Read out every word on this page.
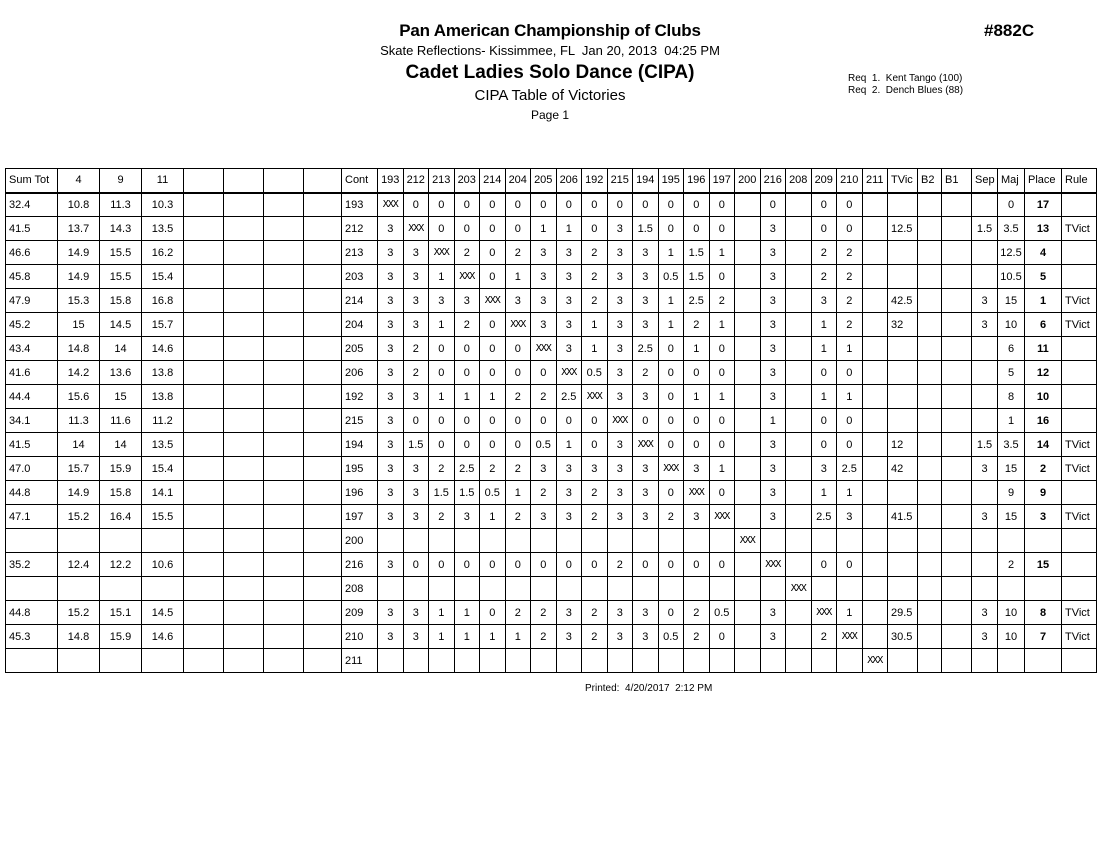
Pan American Championship of Clubs
Skate Reflections- Kissimmee, FL  Jan 20, 2013  04:25 PM
Cadet Ladies Solo Dance (CIPA)
CIPA Table of Victories
Page 1
#882C
Req  1.  Kent Tango (100)
Req  2.  Dench Blues (88)
Sum Tot	4	9	11					Cont	193	212	213	203	214	204	205	206	192	215	194	195	196	197	200	216	208	209	210	211	TVic	B2	B1	Sep	Maj	Place	Rule
32.4	10.8	11.3	10.3					193	XXX	0	0	0	0	0	0	0	0	0	0	0	0	0		0		0	0						0	17	
41.5	13.7	14.3	13.5					212	3	XXX	0	0	0	0	1	1	0	3	1.5	0	0	0		3		0	0		12.5			1.5	3.5	13	TVict
46.6	14.9	15.5	16.2					213	3	3	XXX	2	0	2	3	3	2	3	3	1	1.5	1		3		2	2						12.5	4	
45.8	14.9	15.5	15.4					203	3	3	1	XXX	0	1	3	3	2	3	3	0.5	1.5	0		3		2	2						10.5	5	
47.9	15.3	15.8	16.8					214	3	3	3	3	XXX	3	3	3	2	3	3	1	2.5	2		3		3	2		42.5			3	15	1	TVict
45.2	15	14.5	15.7					204	3	3	1	2	0	XXX	3	3	1	3	3	1	2	1		3		1	2		32			3	10	6	TVict
43.4	14.8	14	14.6					205	3	2	0	0	0	0	XXX	3	1	3	2.5	0	1	0		3		1	1						6	11	
41.6	14.2	13.6	13.8					206	3	2	0	0	0	0	0	XXX	0.5	3	2	0	0	0		3		0	0						5	12	
44.4	15.6	15	13.8					192	3	3	1	1	1	2	2	2.5	XXX	3	3	0	1	1		3		1	1						8	10	
34.1	11.3	11.6	11.2					215	3	0	0	0	0	0	0	0	0	XXX	0	0	0	0		1		0	0						1	16	
41.5	14	14	13.5					194	3	1.5	0	0	0	0	0.5	1	0	3	XXX	0	0	0		3		0	0		12			1.5	3.5	14	TVict
47.0	15.7	15.9	15.4					195	3	3	2	2.5	2	2	3	3	3	3	3	XXX	3	1		3		3	2.5		42			3	15	2	TVict
44.8	14.9	15.8	14.1					196	3	3	1.5	1.5	0.5	1	2	3	2	3	3	0	XXX	0		3		1	1						9	9	
47.1	15.2	16.4	15.5					197	3	3	2	3	1	2	3	3	2	3	3	2	3	XXX		3		2.5	3		41.5			3	15	3	TVict
								200															XXX												
35.2	12.4	12.2	10.6					216	3	0	0	0	0	0	0	0	0	2	0	0	0	0		XXX		0	0						2	15	
								208																	XXX										
44.8	15.2	15.1	14.5					209	3	3	1	1	0	2	2	3	2	3	3	0	2	0.5		3		XXX	1		29.5			3	10	8	TVict
45.3	14.8	15.9	14.6					210	3	3	1	1	1	1	2	3	2	3	3	0.5	2	0		3		2	XXX		30.5			3	10	7	TVict
								211																				XXX							
Printed:  4/20/2017  2:12 PM
